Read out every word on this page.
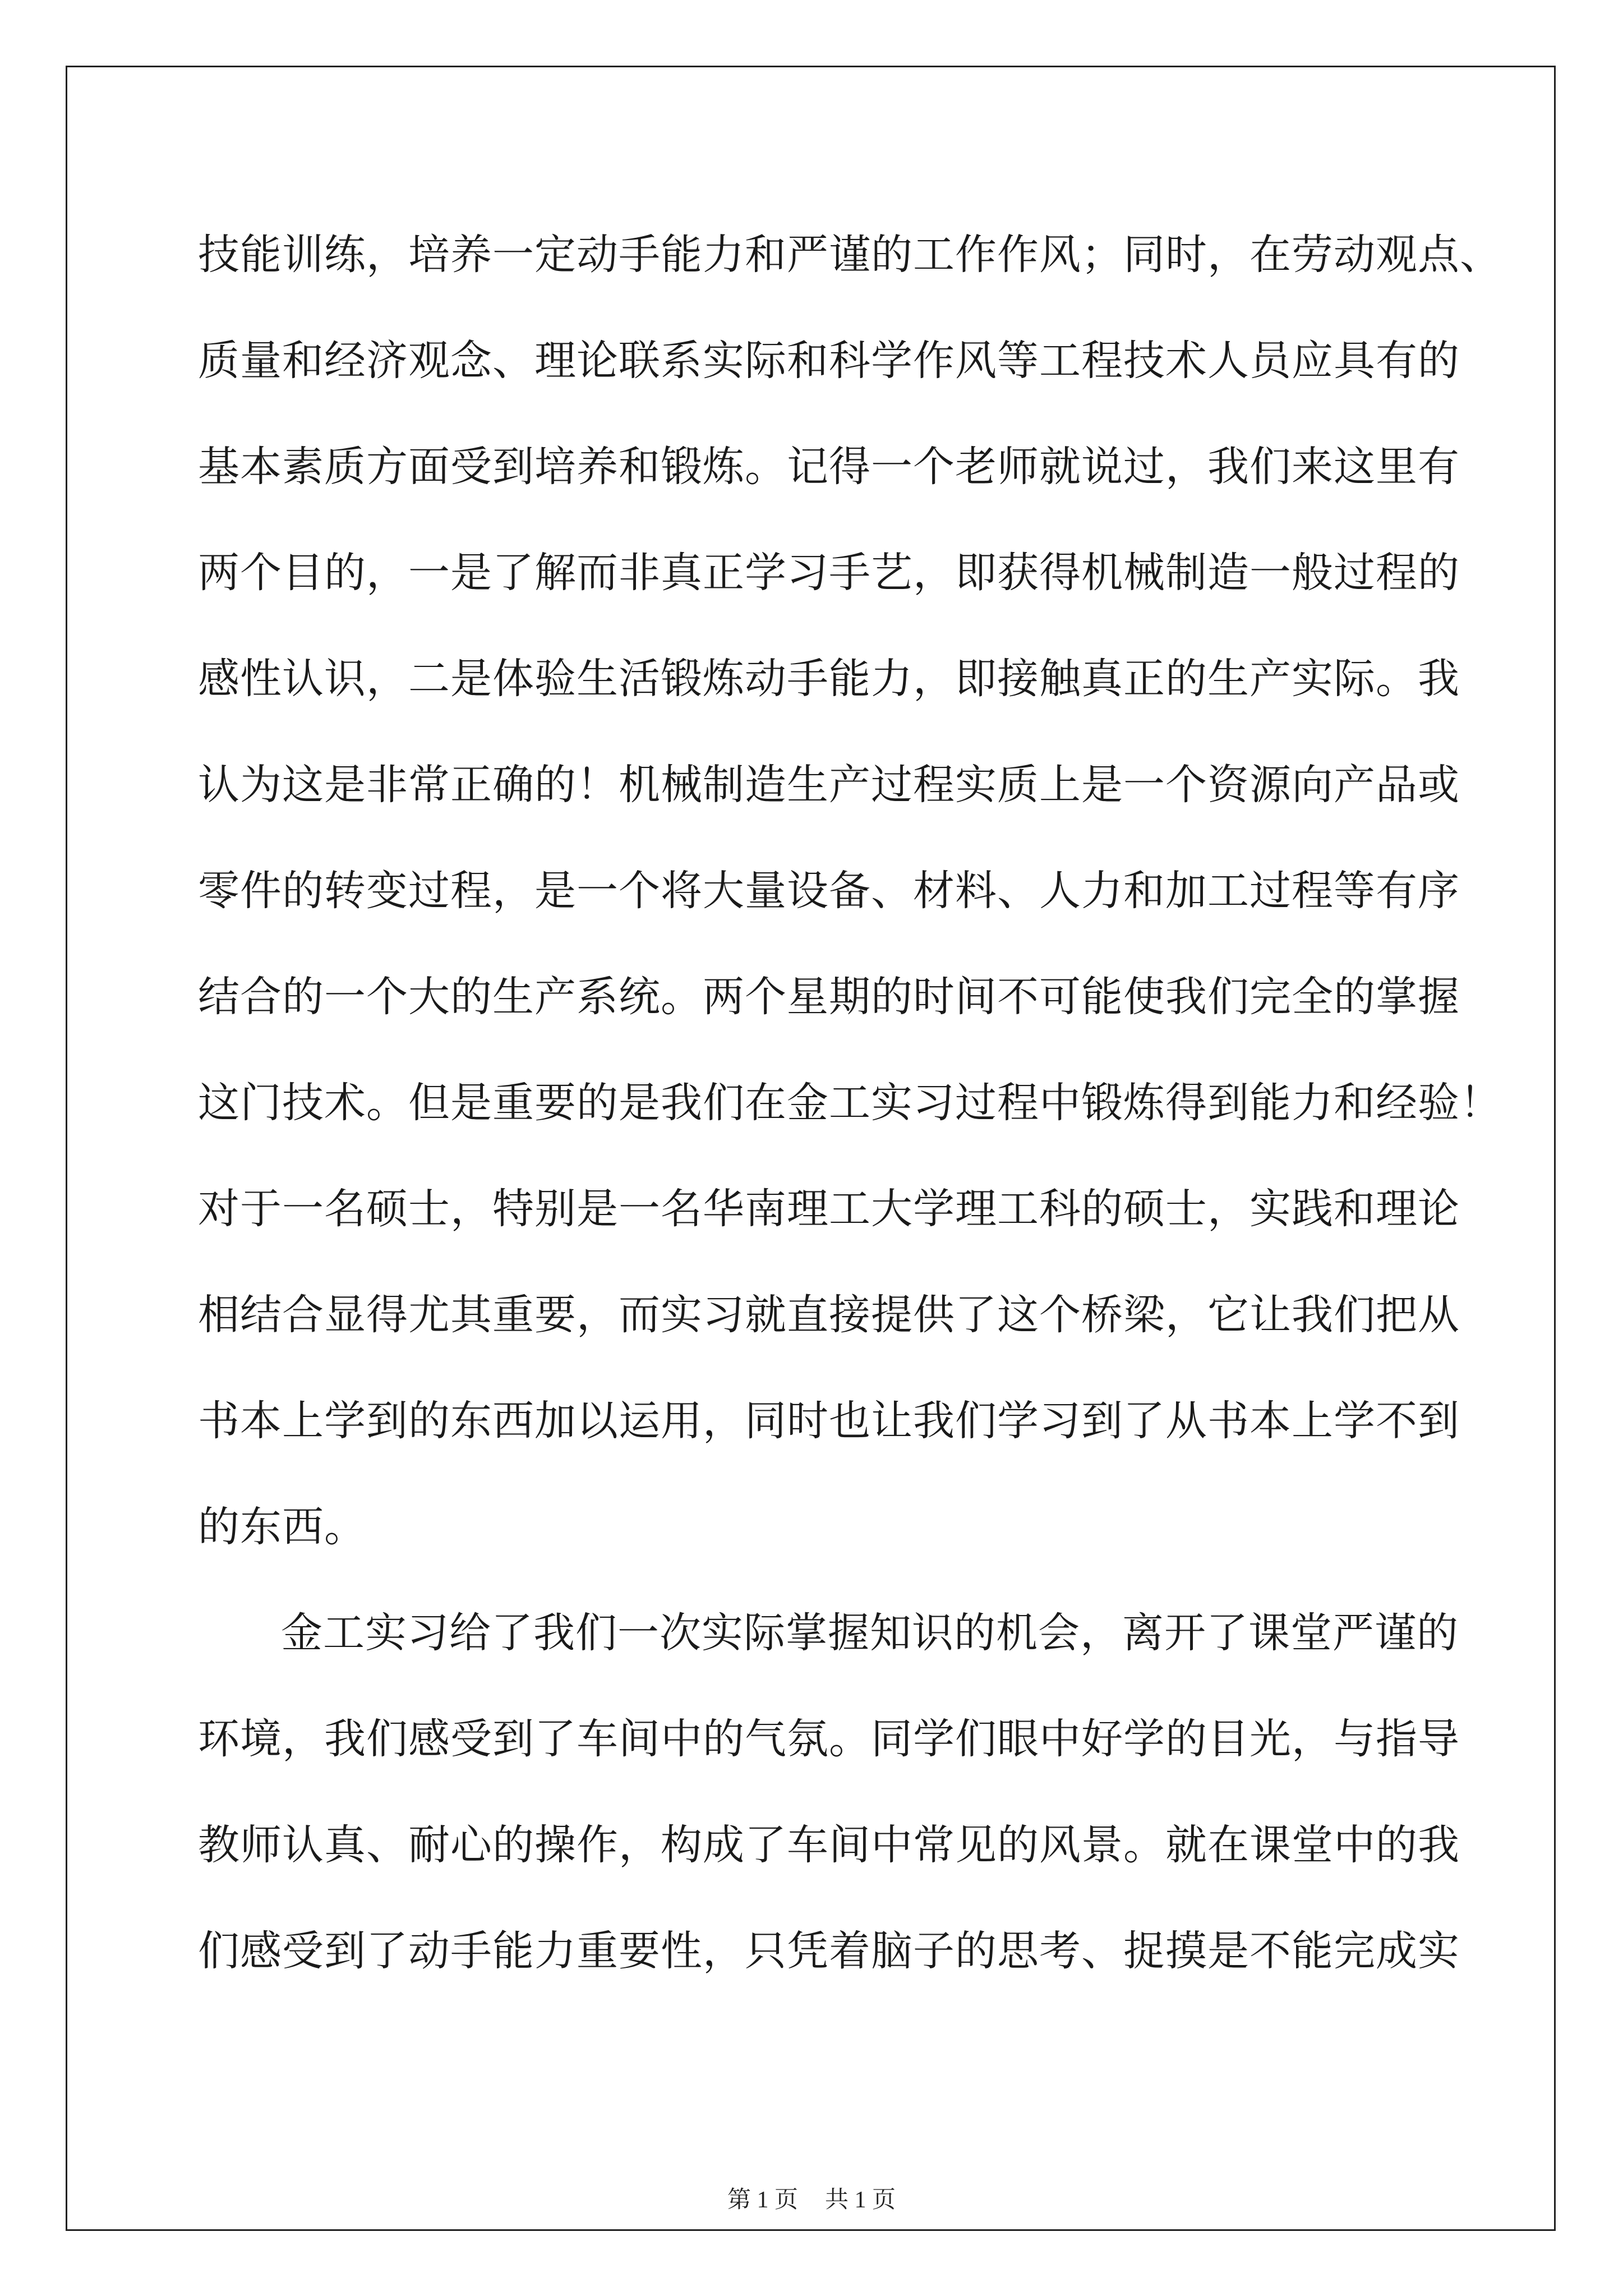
技能训练，培养一定动手能力和严谨的工作作风；同时，在劳动观点、

质量和经济观念、理论联系实际和科学作风等工程技术人员应具有的

基本素质方面受到培养和锻炼。记得一个老师就说过，我们来这里有

两个目的，一是了解而非真正学习手艺，即获得机械制造一般过程的

感性认识，二是体验生活锻炼动手能力，即接触真正的生产实际。我

认为这是非常正确的！机械制造生产过程实质上是一个资源向产品或

零件的转变过程，是一个将大量设备、材料、人力和加工过程等有序

结合的一个大的生产系统。两个星期的时间不可能使我们完全的掌握

这门技术。但是重要的是我们在金工实习过程中锻炼得到能力和经验！

对于一名硕士，特别是一名华南理工大学理工科的硕士，实践和理论

相结合显得尤其重要，而实习就直接提供了这个桥梁，它让我们把从

书本上学到的东西加以运用，同时也让我们学习到了从书本上学不到

的东西。

金工实习给了我们一次实际掌握知识的机会，离开了课堂严谨的

环境，我们感受到了车间中的气氛。同学们眼中好学的目光，与指导

教师认真、耐心的操作，构成了车间中常见的风景。就在课堂中的我

们感受到了动手能力重要性，只凭着脑子的思考、捉摸是不能完成实

第 1 页 共 1 页
